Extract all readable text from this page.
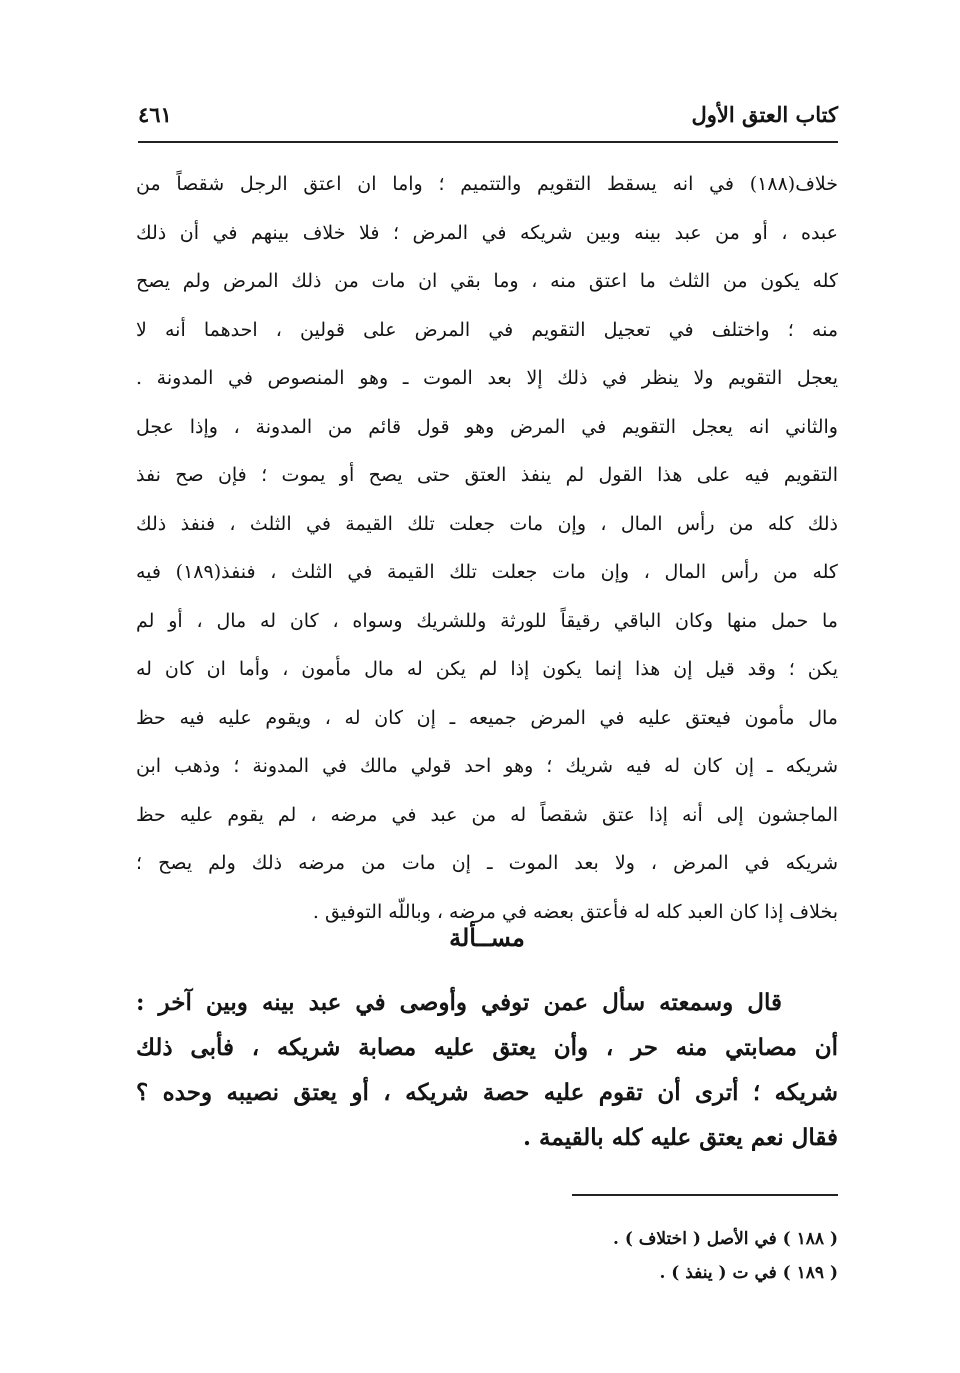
كتاب العتق الأول
٤٦١
خلاف(١٨٨) في انه يسقط التقويم والتتميم ؛ واما ان اعتق الرجل شقصاً من
عبده ، أو من عبد بينه وبين شريكه في المرض ؛ فلا خلاف بينهم في أن ذلك
كله يكون من الثلث ما اعتق منه ، وما بقي ان مات من ذلك المرض ولم يصح
منه ؛ واختلف في تعجيل التقويم في المرض على قولين ، احدهما أنه لا
يعجل التقويم ولا ينظر في ذلك إلا بعد الموت ـ وهو المنصوص في المدونة .
والثاني انه يعجل التقويم في المرض وهو قول قائم من المدونة ، وإذا عجل
التقويم فيه على هذا القول لم ينفذ العتق حتى يصح أو يموت ؛ فإن صح نفذ
ذلك كله من رأس المال ، وإن مات جعلت تلك القيمة في الثلث ، فنفذ ذلك
كله من رأس المال ، وإن مات جعلت تلك القيمة في الثلث ، فنفذ(١٨٩) فيه
ما حمل منها وكان الباقي رقيقاً للورثة وللشريك وسواه ، كان له مال ، أو لم
يكن ؛ وقد قيل إن هذا إنما يكون إذا لم يكن له مال مأمون ، وأما ان كان له
مال مأمون فيعتق عليه في المرض جميعه ـ إن كان له ، ويقوم عليه فيه حظ
شريكه ـ إن كان له فيه شريك ؛ وهو احد قولي مالك في المدونة ؛ وذهب ابن
الماجشون إلى أنه إذا عتق شقصاً له من عبد في مرضه ، لم يقوم عليه حظ
شريكه في المرض ، ولا بعد الموت ـ إن مات من مرضه ذلك ولم يصح ؛
بخلاف إذا كان العبد كله له فأعتق بعضه في مرضه ، وباللّه التوفيق .
مســألة
قال وسمعته سأل عمن توفي وأوصى في عبد بينه وبين آخر :
أن مصابتي منه حر ، وأن يعتق عليه مصابة شريكه ، فأبى ذلك
شريكه ؛ أترى أن تقوم عليه حصة شريكه ، أو يعتق نصيبه وحده ؟
فقال نعم يعتق عليه كله بالقيمة .
( ١٨٨ ) في الأصل ( اختلاف ) .
( ١٨٩ ) في ت ( ينفذ ) .
